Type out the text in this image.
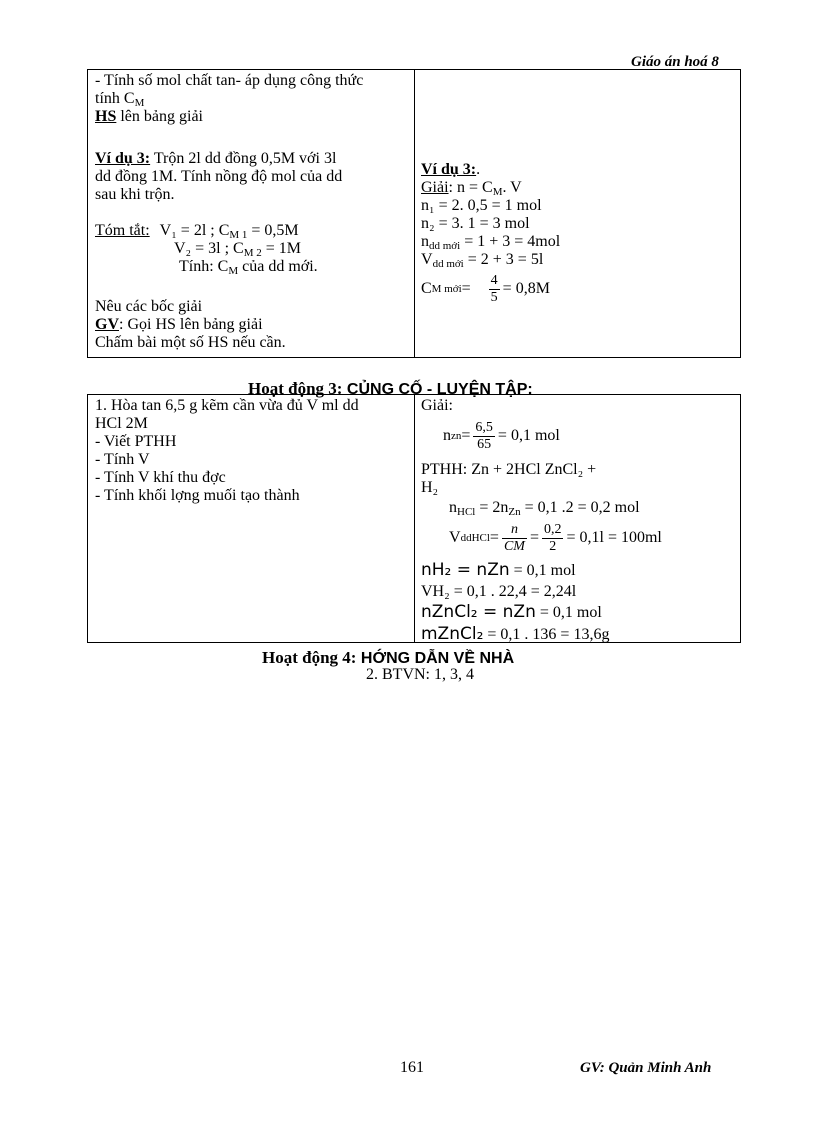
Giáo án hoá 8
- Tính số mol chất tan- áp dụng công thức
tính $C_M$
HS lên bảng giải
Ví dụ 3: Trộn 2l dd đồng 0,5M với 3l
dd đồng 1M. Tính nồng độ mol của dd
sau khi trộn.
Tóm tắt: V₁ = 2l ; $C_{M 1} = 0,5M$
V₂ = 3l ; $C_{M 2} = 1M$
Tính: $C_M$ của dd mới.
Nêu các bốc giải
GV: Gọi HS lên bảng giải
Chấm bài một số HS nếu cần.
Ví dụ 3:.
Giải: $n = C_M$. V
n₁ = 2. 0,5 = 1 mol
n₂ = 3. 1 = 3 mol
$n_{dd mới} = 1 + 3 = 4mol$
$V_{dd mới} = 2 + 3 = 5l$
C M mới = $\frac{4}{5} = 0,8M$
Hoạt động 3: CỦNG CỐ - LUYỆN TẬP:
1. Hòa tan 6,5 g kẽm cần vừa đủ V ml dd
HCl 2M
- Viết PTHH
- Tính V
- Tính V khí thu đợc
- Tính khối lợng muối tạo thành
Giải:
n zn = $\frac{6,5}{65} = 0,1$ mol
PTHH: Zn + 2HCl ZnCl₂ +
H₂
$n_{HCl} = 2n_{Zn} = 0,1$ .2 = 0,2 mol
V ddHCl = $\frac{n}{CM} = \frac{0,2}{2} = 0,1l = 100ml$
nH₂ = nZn = 0,1 mol
VH₂ = 0,1 . 22,4 = 2,24l
nZnCl₂ = nZn = 0,1 mol
mZnCl₂ = 0,1 . 136 = 13,6g
Hoạt động 4: HỚNG DẪN VỀ NHÀ
2. BTVN: 1, 3, 4
161	GV: Quản Minh Anh
